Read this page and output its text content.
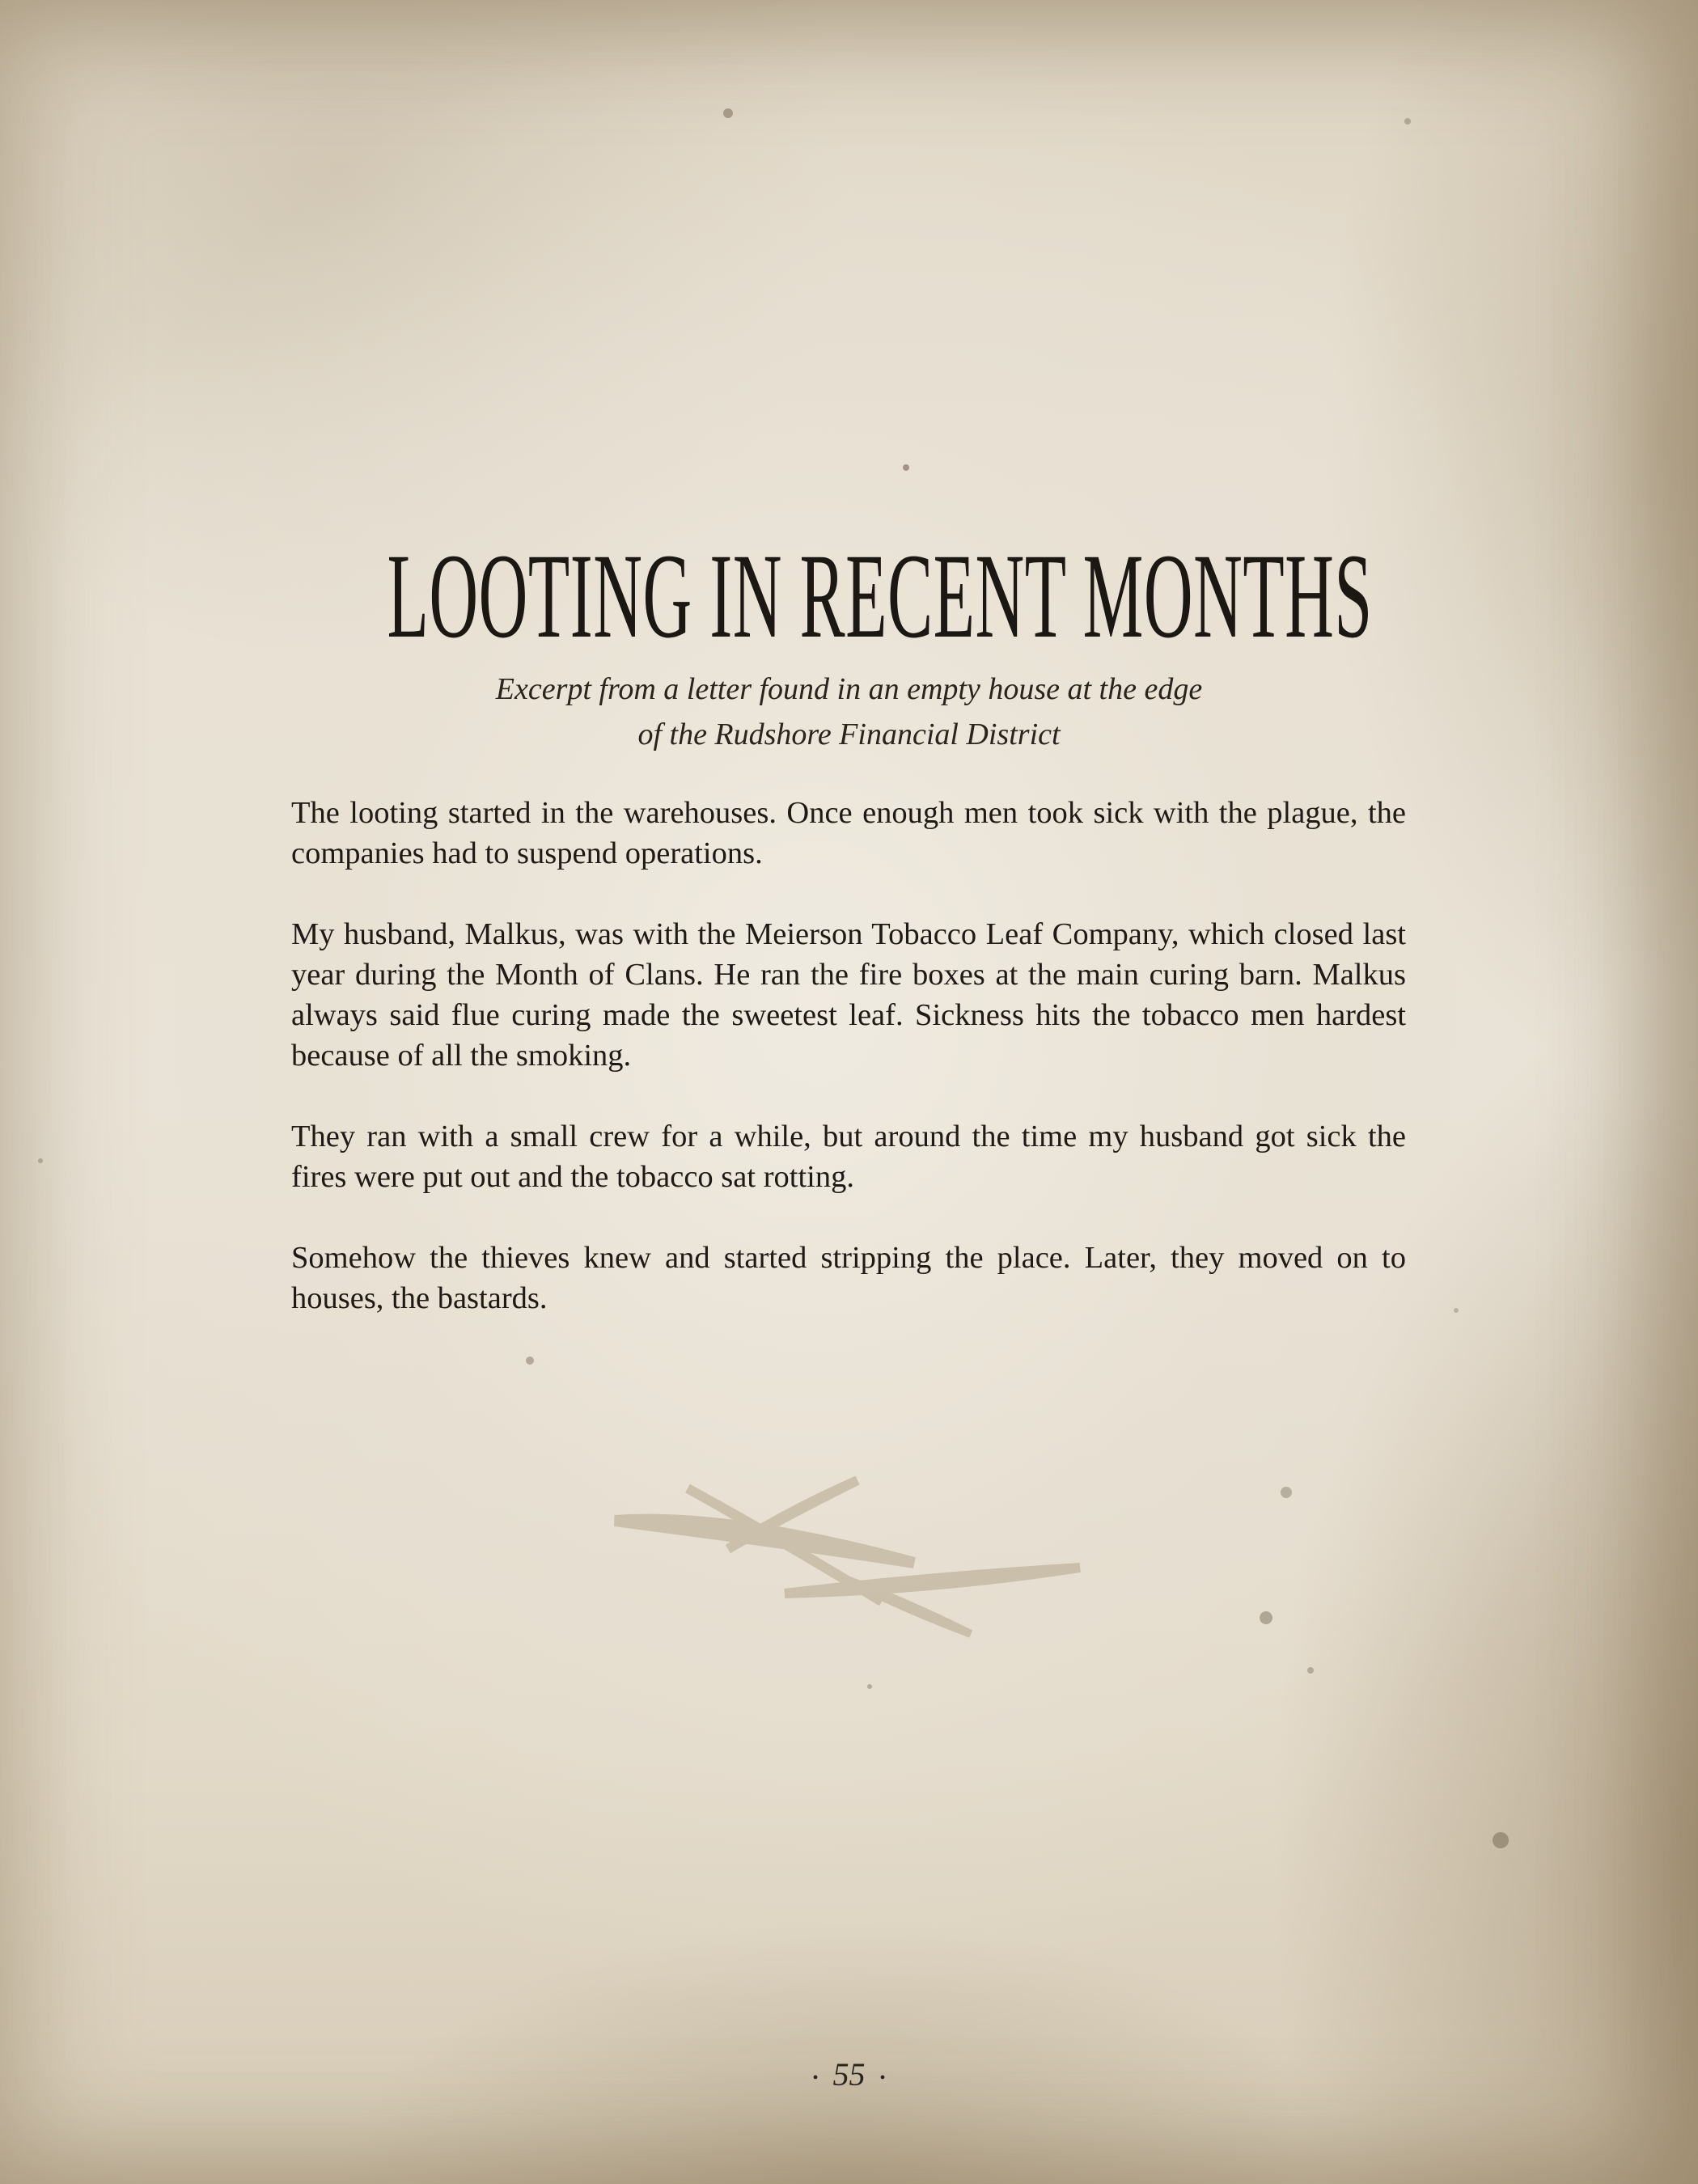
LOOTING IN RECENT MONTHS
Excerpt from a letter found in an empty house at the edge
of the Rudshore Financial District

The looting started in the warehouses. Once enough men took sick with the plague, the companies had to suspend operations.

My husband, Malkus, was with the Meierson Tobacco Leaf Company, which closed last year during the Month of Clans. He ran the fire boxes at the main curing barn. Malkus always said flue curing made the sweetest leaf. Sickness hits the tobacco men hardest because of all the smoking.

They ran with a small crew for a while, but around the time my husband got sick the fires were put out and the tobacco sat rotting.

Somehow the thieves knew and started stripping the place. Later, they moved on to houses, the bastards.

• 55 •
